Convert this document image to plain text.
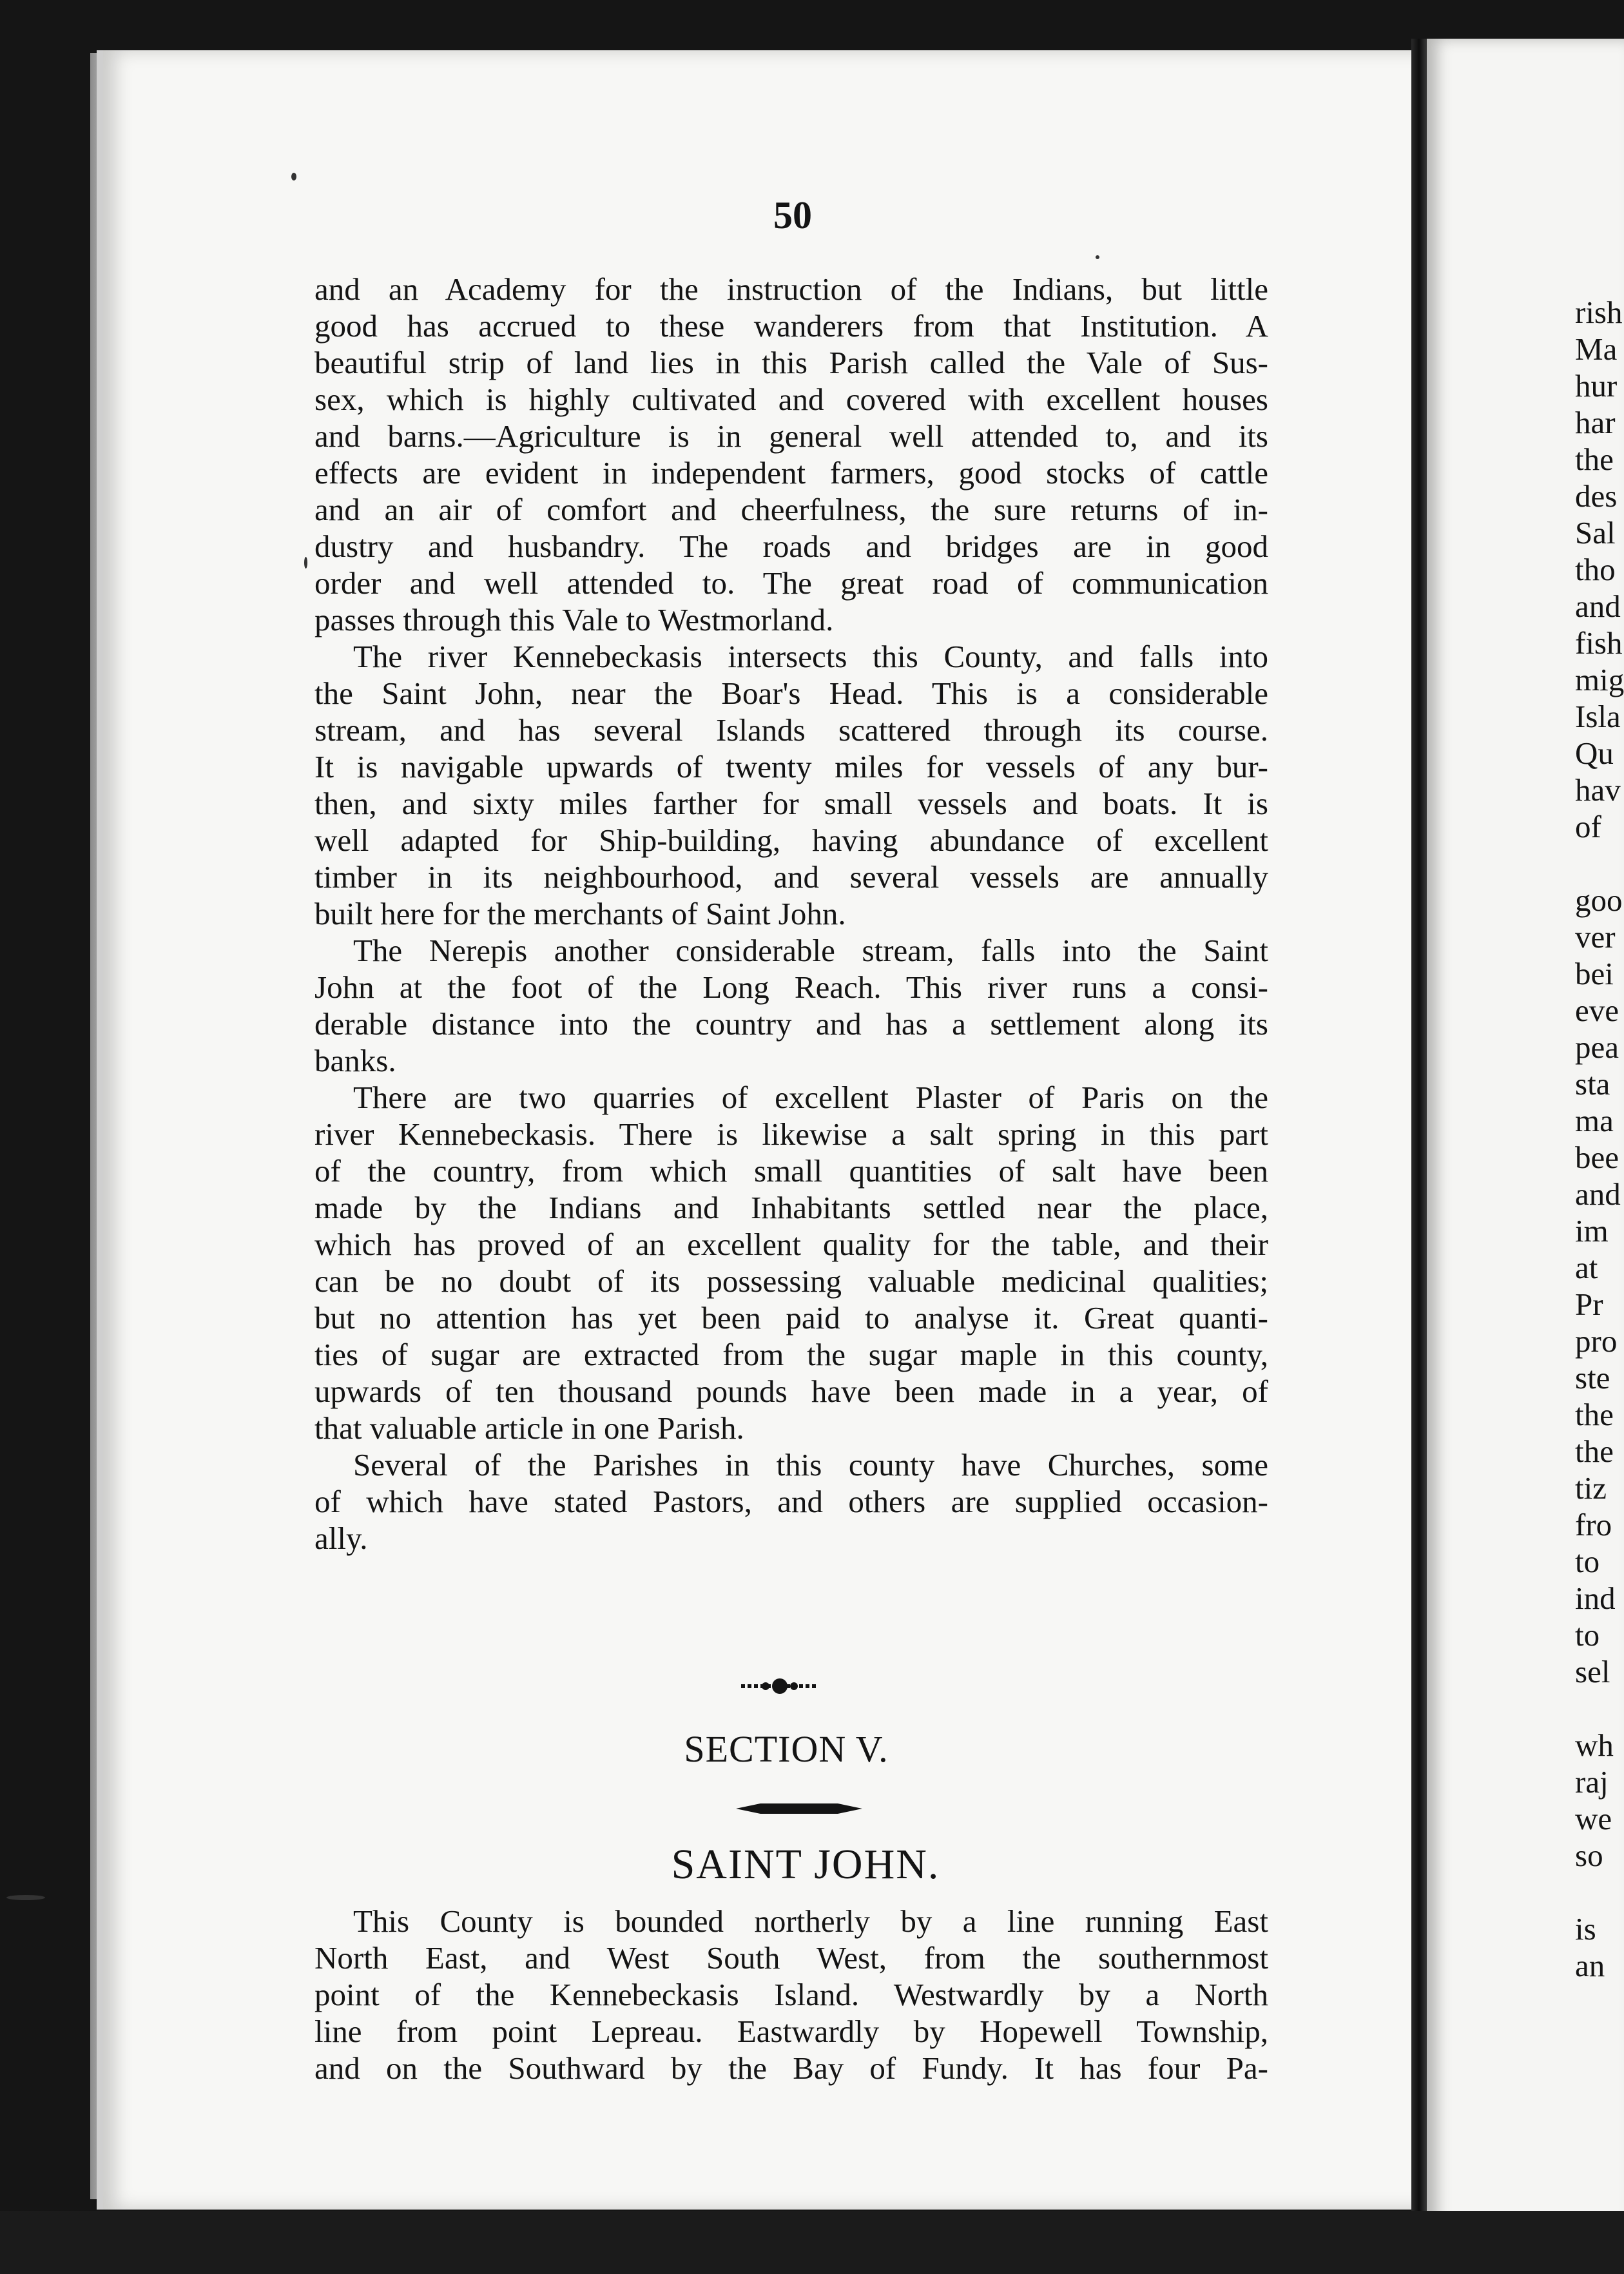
50
and an Academy for the instruction of the Indians, but little
good has accrued to these wanderers from that Institution. A
beautiful strip of land lies in this Parish called the Vale of Sus-
sex, which is highly cultivated and covered with excellent houses
and barns.—Agriculture is in general well attended to, and its
effects are evident in independent farmers, good stocks of cattle
and an air of comfort and cheerfulness, the sure returns of in-
dustry and husbandry. The roads and bridges are in good
order and well attended to. The great road of communication
passes through this Vale to Westmorland.
The river Kennebeckasis intersects this County, and falls into
the Saint John, near the Boar's Head. This is a considerable
stream, and has several Islands scattered through its course.
It is navigable upwards of twenty miles for vessels of any bur-
then, and sixty miles farther for small vessels and boats. It is
well adapted for Ship-building, having abundance of excellent
timber in its neighbourhood, and several vessels are annually
built here for the merchants of Saint John.
The Nerepis another considerable stream, falls into the Saint
John at the foot of the Long Reach. This river runs a consi-
derable distance into the country and has a settlement along its
banks.
There are two quarries of excellent Plaster of Paris on the
river Kennebeckasis. There is likewise a salt spring in this part
of the country, from which small quantities of salt have been
made by the Indians and Inhabitants settled near the place,
which has proved of an excellent quality for the table, and their
can be no doubt of its possessing valuable medicinal qualities;
but no attention has yet been paid to analyse it. Great quanti-
ties of sugar are extracted from the sugar maple in this county,
upwards of ten thousand pounds have been made in a year, of
that valuable article in one Parish.
Several of the Parishes in this county have Churches, some
of which have stated Pastors, and others are supplied occasion-
ally.
SECTION V.
SAINT JOHN.
This County is bounded northerly by a line running East
North East, and West South West, from the southernmost
point of the Kennebeckasis Island. Westwardly by a North
line from point Lepreau. Eastwardly by Hopewell Township,
and on the Southward by the Bay of Fundy. It has four Pa-
rish
Ma
hur
har
the
des
Sal
tho
and
fish
mig
Isla
Qu
hav
of
goo
ver
bei
eve
pea
sta
ma
bee
and
im
at
Pr
pro
ste
the
the
tiz
fro
to
ind
to
sel
wh
raj
we
so
is
an
